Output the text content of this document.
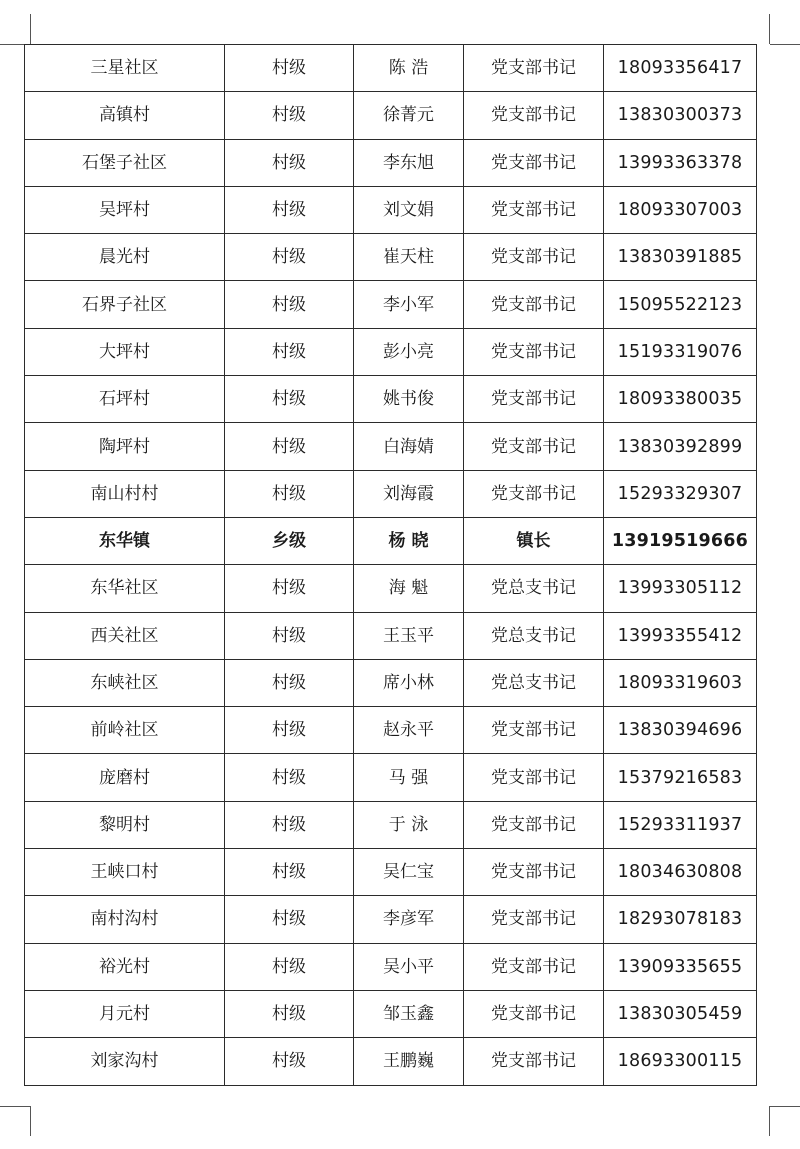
三星社区	村级	陈 浩	党支部书记	18093356417
高镇村	村级	徐菁元	党支部书记	13830300373
石堡子社区	村级	李东旭	党支部书记	13993363378
吴坪村	村级	刘文娟	党支部书记	18093307003
晨光村	村级	崔天柱	党支部书记	13830391885
石界子社区	村级	李小军	党支部书记	15095522123
大坪村	村级	彭小亮	党支部书记	15193319076
石坪村	村级	姚书俊	党支部书记	18093380035
陶坪村	村级	白海婧	党支部书记	13830392899
南山村村	村级	刘海霞	党支部书记	15293329307
东华镇	乡级	杨 晓	镇长	13919519666
东华社区	村级	海 魁	党总支书记	13993305112
西关社区	村级	王玉平	党总支书记	13993355412
东峡社区	村级	席小林	党总支书记	18093319603
前岭社区	村级	赵永平	党支部书记	13830394696
庞磨村	村级	马 强	党支部书记	15379216583
黎明村	村级	于 泳	党支部书记	15293311937
王峡口村	村级	吴仁宝	党支部书记	18034630808
南村沟村	村级	李彦军	党支部书记	18293078183
裕光村	村级	吴小平	党支部书记	13909335655
月元村	村级	邹玉鑫	党支部书记	13830305459
刘家沟村	村级	王鹏巍	党支部书记	18693300115
